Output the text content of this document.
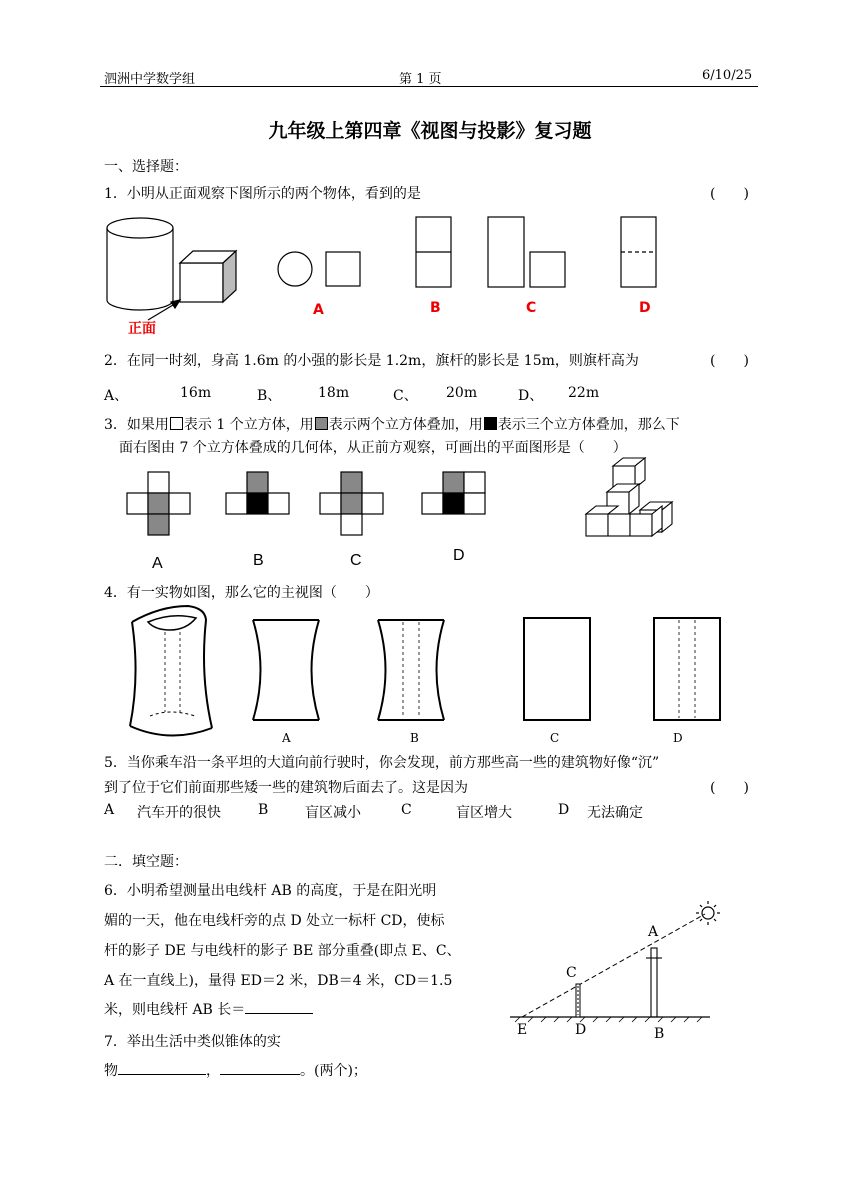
泗洲中学数学组	第 1 页	6/10/25
九年级上第四章《视图与投影》复习题
一、选择题：
1．小明从正面观察下图所示的两个物体，看到的是	(　　)
正面
A	B	C	D
2．在同一时刻，身高 1.6m 的小强的影长是 1.2m，旗杆的影长是 15m，则旗杆高为	(　　)
A、	16m	B、	18m	C、 20m	D、 22m
3．如果用 表示 1 个立方体，用 表示两个立方体叠加，用 表示三个立方体叠加，那么下
面右图由 7 个立方体叠成的几何体，从正前方观察，可画出的平面图形是（　　）
A	B	C	D
4．有一实物如图，那么它的主视图（　　）
A	B	C	D
5．当你乘车沿一条平坦的大道向前行驶时，你会发现，前方那些高一些的建筑物好像“沉”
到了位于它们前面那些矮一些的建筑物后面去了。这是因为	(　　)
A 汽车开的很快	B	盲区减小	C	盲区增大	D 无法确定
二．填空题：
6．小明希望测量出电线杆 AB 的高度，于是在阳光明
媚的一天，他在电线杆旁的点 D 处立一标杆 CD，使标
杆的影子 DE 与电线杆的影子 BE 部分重叠(即点 E、C、
A 在一直线上)，量得 ED＝2 米，DB＝4 米，CD＝1.5
米，则电线杆 AB 长＝
A
C
E	D	B
7．举出生活中类似锥体的实
物	，	。(两个)；
